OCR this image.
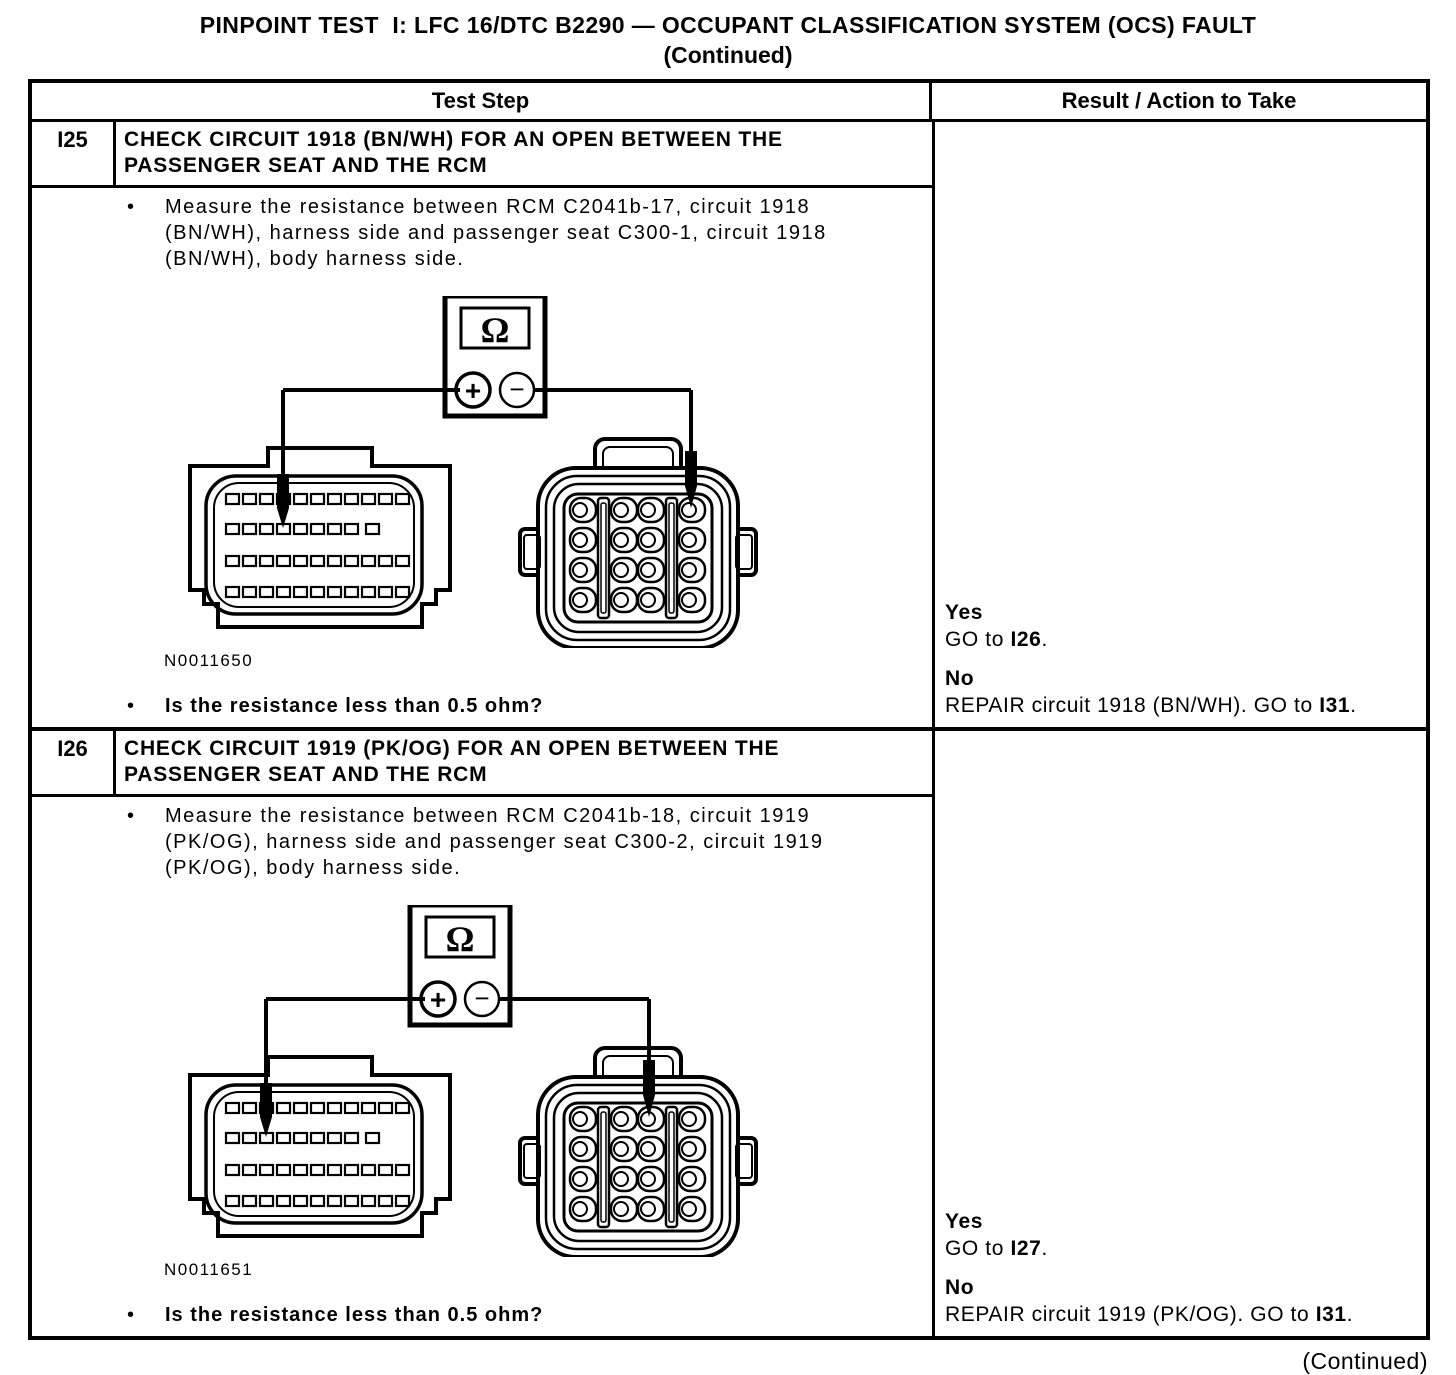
PINPOINT TEST  I: LFC 16/DTC B2290 — OCCUPANT CLASSIFICATION SYSTEM (OCS) FAULT
(Continued)
Test Step	Result / Action to Take
I25	CHECK CIRCUIT 1918 (BN/WH) FOR AN OPEN BETWEEN THE
PASSENGER SEAT AND THE RCM
•	Measure the resistance between RCM C2041b-17, circuit 1918
(BN/WH), harness side and passenger seat C300-1, circuit 1918
(BN/WH), body harness side.
N0011650
•	Is the resistance less than 0.5 ohm?
Yes
GO to I26.
No
REPAIR circuit 1918 (BN/WH). GO to I31.
I26	CHECK CIRCUIT 1919 (PK/OG) FOR AN OPEN BETWEEN THE
PASSENGER SEAT AND THE RCM
•	Measure the resistance between RCM C2041b-18, circuit 1919
(PK/OG), harness side and passenger seat C300-2, circuit 1919
(PK/OG), body harness side.
N0011651
•	Is the resistance less than 0.5 ohm?
Yes
GO to I27.
No
REPAIR circuit 1919 (PK/OG). GO to I31.
(Continued)
